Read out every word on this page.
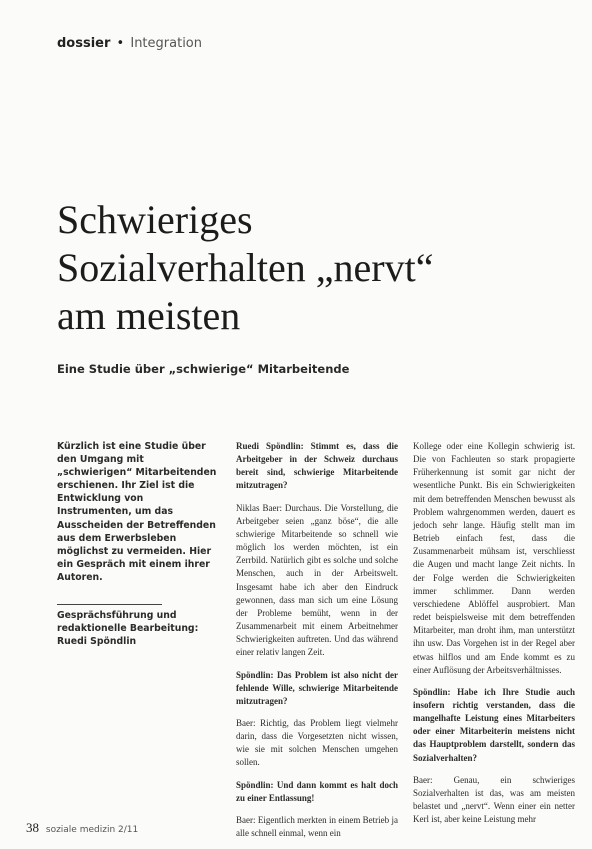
dossier • Integration
Schwieriges
Sozialverhalten „nervt“
am meisten
Eine Studie über „schwierige“ Mitarbeitende

Kürzlich ist eine Studie über den Umgang mit „schwierigen“ Mitarbeitenden erschienen. Ihr Ziel ist die Entwicklung von Instrumenten, um das Ausscheiden der Betreffenden aus dem Erwerbsleben möglichst zu vermeiden. Hier ein Gespräch mit einem ihrer Autoren.

Gesprächsführung und redaktionelle Bearbeitung: Ruedi Spöndlin

Ruedi Spöndlin: Stimmt es, dass die Arbeitgeber in der Schweiz durchaus bereit sind, schwierige Mitarbeitende mitzutragen?

Niklas Baer: Durchaus. Die Vorstellung, die Arbeitgeber seien „ganz böse“, die alle schwierige Mitarbeitende so schnell wie möglich los werden möchten, ist ein Zerrbild. Natürlich gibt es solche und solche Menschen, auch in der Arbeitswelt. Insgesamt habe ich aber den Eindruck gewonnen, dass man sich um eine Lösung der Probleme bemüht, wenn in der Zusammenarbeit mit einem Arbeitnehmer Schwierigkeiten auftreten. Und das während einer relativ langen Zeit.

Spöndlin: Das Problem ist also nicht der fehlende Wille, schwierige Mitarbeitende mitzutragen?

Baer: Richtig, das Problem liegt vielmehr darin, dass die Vorgesetzten nicht wissen, wie sie mit solchen Menschen umgehen sollen.

Spöndlin: Und dann kommt es halt doch zu einer Entlassung!

Baer: Eigentlich merkten in einem Betrieb ja alle schnell einmal, wenn ein

Kollege oder eine Kollegin schwierig ist. Die von Fachleuten so stark propagierte Früherkennung ist somit gar nicht der wesentliche Punkt. Bis ein Schwierigkeiten mit dem betreffenden Menschen bewusst als Problem wahrgenommen werden, dauert es jedoch sehr lange. Häufig stellt man im Betrieb einfach fest, dass die Zusammenarbeit mühsam ist, verschliesst die Augen und macht lange Zeit nichts. In der Folge werden die Schwierigkeiten immer schlimmer. Dann werden verschiedene Ablöffel ausprobiert. Man redet beispielsweise mit dem betreffenden Mitarbeiter, man droht ihm, man unterstützt ihn usw. Das Vorgehen ist in der Regel aber etwas hilflos und am Ende kommt es zu einer Auflösung der Arbeitsverhältnisses.

Spöndlin: Habe ich Ihre Studie auch insofern richtig verstanden, dass die mangelhafte Leistung eines Mitarbeiters oder einer Mitarbeiterin meistens nicht das Hauptproblem darstellt, sondern das Sozialverhalten?

Baer: Genau, ein schwieriges Sozialverhalten ist das, was am meisten belastet und „nervt“. Wenn einer ein netter Kerl ist, aber keine Leistung mehr

38 soziale medizin 2/11
